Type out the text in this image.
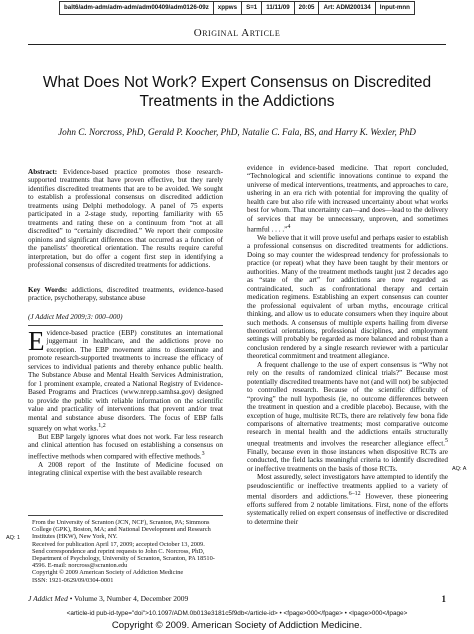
balt6/adm-adm/adm-adm/adm00409/adm0126-09z	xppws	S=1	11/11/09	20:05	Art: ADM200134	Input-mnn
Original Article
What Does Not Work? Expert Consensus on Discredited Treatments in the Addictions
John C. Norcross, PhD, Gerald P. Koocher, PhD, Natalie C. Fala, BS, and Harry K. Wexler, PhD

Abstract: Evidence-based practice promotes those research-supported treatments that have proven effective, but they rarely identifies discredited treatments that are to be avoided. We sought to establish a professional consensus on discredited addiction treatments using Delphi methodology. A panel of 75 experts participated in a 2-stage study, reporting familiarity with 65 treatments and rating these on a continuum from “not at all discredited” to “certainly discredited.” We report their composite opinions and significant differences that occurred as a function of the panelists’ theoretical orientation. The results require careful interpretation, but do offer a cogent first step in identifying a professional consensus of discredited treatments for addictions.

Key Words: addictions, discredited treatments, evidence-based practice, psychotherapy, substance abuse

(J Addict Med 2009;3: 000–000)

Evidence-based practice (EBP) constitutes an international juggernaut in healthcare, and the addictions prove no exception. The EBP movement aims to disseminate and promote research-supported treatments to increase the efficacy of services to individual patients and thereby enhance public health. The Substance Abuse and Mental Health Services Administration, for 1 prominent example, created a National Registry of Evidence-Based Programs and Practices (www.nrepp.samhsa.gov) designed to provide the public with reliable information on the scientific value and practicality of interventions that prevent and/or treat mental and substance abuse disorders. The focus of EBP falls squarely on what works.$^{1,2}$

But EBP largely ignores what does not work. Far less research and clinical attention has focused on establishing a consensus on ineffective methods when compared with effective methods.$^3$

A 2008 report of the Institute of Medicine focused on integrating clinical expertise with the best available research

AQ: 1

From the University of Scranton (JCN, NCF), Scranton, PA; Simmons College (GPK), Boston, MA; and National Development and Research Institutes (HKW), New York, NY.

Received for publication April 17, 2009; accepted October 13, 2009.

Send correspondence and reprint requests to John C. Norcross, PhD, Department of Psychology, University of Scranton, Scranton, PA 18510-4596. E-mail: norcross@scranton.edu

Copyright © 2009 American Society of Addiction Medicine

ISSN: 1921-0629/09/0304-0001

evidence in evidence-based medicine. That report concluded, “Technological and scientific innovations continue to expand the universe of medical interventions, treatments, and approaches to care, ushering in an era rich with potential for improving the quality of health care but also rife with increased uncertainty about what works best for whom. That uncertainty can—and does—lead to the delivery of services that may be unnecessary, unproven, and sometimes harmful . . . .”$^4$

We believe that it will prove useful and perhaps easier to establish a professional consensus on discredited treatments for addictions. Doing so may counter the widespread tendency for professionals to practice (or repeat) what they have been taught by their mentors or authorities. Many of the treatment methods taught just 2 decades ago as “state of the art” for addictions are now regarded as contraindicated, such as confrontational therapy and certain medication regimens. Establishing an expert consensus can counter the professional equivalent of urban myths, encourage critical thinking, and allow us to educate consumers when they inquire about such methods. A consensus of multiple experts hailing from diverse theoretical orientations, professional disciplines, and employment settings will probably be regarded as more balanced and robust than a conclusion rendered by a single research reviewer with a particular theoretical commitment and treatment allegiance.

A frequent challenge to the use of expert consensus is “Why not rely on the results of randomized clinical trials?” Because most potentially discredited treatments have not (and will not) be subjected to controlled research. Because of the scientific difficulty of “proving” the null hypothesis (ie, no outcome differences between the treatment in question and a credible placebo). Because, with the exception of huge, multisite RCTs, there are relatively few bona fide comparisons of alternative treatments; most comparative outcome research in mental health and the addictions entails structurally unequal treatments and involves the researcher allegiance effect.$^5$ Finally, because even in those instances when dispositive RCTs are conducted, the field lacks meaningful criteria to identify discredited or ineffective treatments on the basis of those RCTs.

Most assuredly, select investigators have attempted to identify the pseudoscientific or ineffective treatments applied to a variety of mental disorders and addictions.$^{6-12}$ However, these pioneering efforts suffered from 2 notable limitations. First, none of the efforts systematically relied on expert consensus of ineffective or discredited to determine their

AQ: A
J Addict Med • Volume 3, Number 4, December 2009	1
<article-id pub-id-type="doi">10.1097/ADM.0b013e3181c5f9db</article-id> • <fpage>000</fpage> • <lpage>000</lpage>
Copyright © 2009. American Society of Addiction Medicine.
